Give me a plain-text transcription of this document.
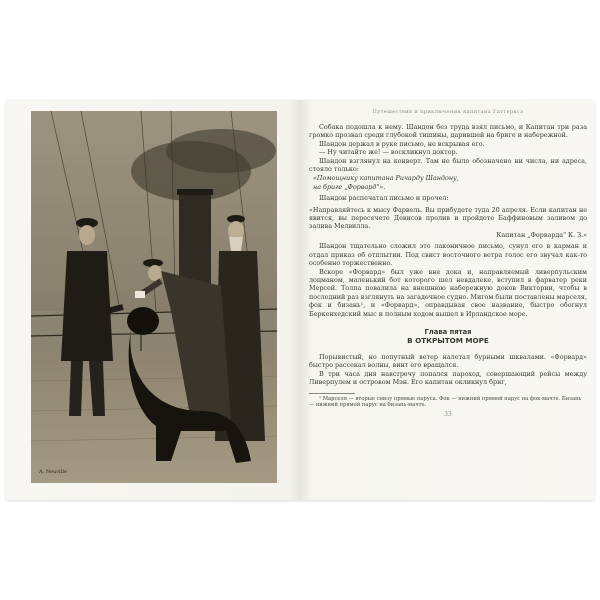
A. Neuville
Путешествия и приключения капитана Гаттераса

Собака подошла к нему. Шандон без труда взял письмо, и Капитан три раза громко прозвал среди глубокой тишины, царившей на бриге и набережной.

Шандон держал в руке письмо, не вскрывая его.

— Ну читайте же! — воскликнул доктор.

Шандон взглянул на конверт. Там не было обозначено ни числа, ни адреса, стояло только:

«Помощнику капитана Ричарду Шандону,
на бриге „Форвард"».

Шандон распечатал письмо и прочел:

«Направляйтесь к мысу Фарвель. Вы прибудете туда 20 апреля. Если капитан не явится, вы пересечете Девисов пролив и пройдете Баффиновым заливом до залива Мелвилла.

Капитан „Форварда" К. З.»

Шандон тщательно сложил это лаконичное письмо, сунул его в карман и отдал приказ об отплытии. Под свист восточного ветра голос его звучал как-то особенно торжественно.

Вскоре «Форвард» был уже вне дока и, направляемый ливерпульским лоцманом, маленький бот которого шел невдалеке, вступил в фарватер реки Мерсей. Толпа повалила на внешнюю набережную доков Виктории, чтобы в последний раз взглянуть на загадочное судно. Мигом были поставлены марселя, фок и бизань¹, и «Форвард», оправдывая свое название, быстро обогнул Беркенхедский мыс и полным ходом вышел в Ирландское море.

Глава пятая
В ОТКРЫТОМ МОРЕ

Порывистый, но попутный ветер налетал бурными шквалами. «Форвард» быстро рассекал волны, винт его вращался.

В три часа дня навстречу попался пароход, совершающий рейсы между Ливерпулем и островом Мэн. Его капитан окликнул бриг,

¹ Марселя — вторые снизу прямые паруса. Фок — нижний прямой парус на фок-мачте. Бизань — нижний прямой парус на бизань-мачте.

33
